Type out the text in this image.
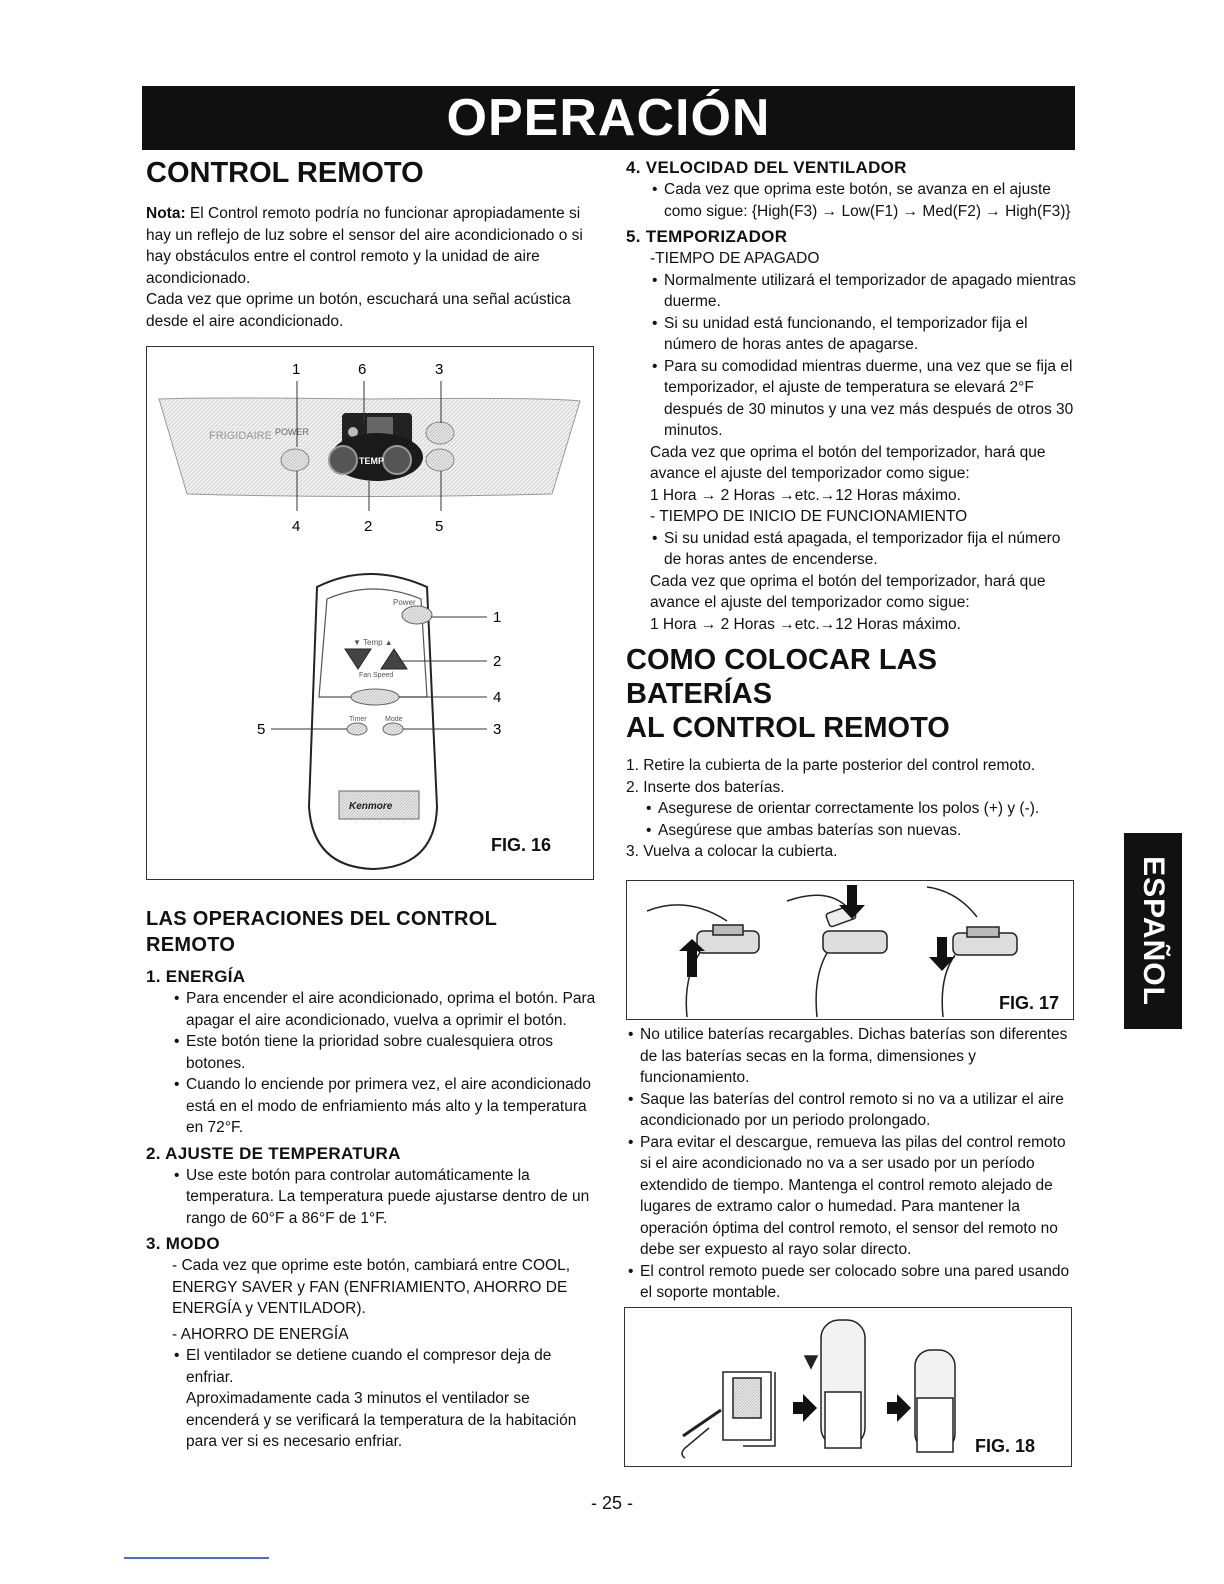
OPERACIÓN
ESPAÑOL
CONTROL REMOTO

Nota: El Control remoto podría no funcionar apropiadamente si hay un reflejo de luz sobre el sensor del aire acondicionado o si hay obstáculos entre el control remoto y la unidad de aire acondicionado.

Cada vez que oprime un botón, escuchará una señal acústica desde el aire acondicionado.

FRIGIDAIRE POWER
TEMP
1	6	3
4	2	5
Kenmore
Power
▼ Temp ▲
Fan Speed
Timer	Mode
1
2
4
3
5
FIG. 16
LAS OPERACIONES DEL CONTROL REMOTO
1. ENERGÍA

• Para encender el aire acondicionado, oprima el botón. Para apagar el aire acondicionado, vuelva a oprimir el botón.

• Este botón tiene la prioridad sobre cualesquiera otros botones.

• Cuando lo enciende por primera vez, el aire acondicionado está en el modo de enfriamiento más alto y la temperatura en 72°F.

2. AJUSTE DE TEMPERATURA

• Use este botón para controlar automáticamente la temperatura. La temperatura puede ajustarse dentro de un rango de 60°F a 86°F de 1°F.

3. MODO

- Cada vez que oprime este botón, cambiará entre COOL, ENERGY SAVER y FAN (ENFRIAMIENTO, AHORRO DE ENERGÍA y VENTILADOR).

- AHORRO DE ENERGÍA

• El ventilador se detiene cuando el compresor deja de enfriar.

Aproximadamente cada 3 minutos el ventilador se encenderá y se verificará la temperatura de la habitación para ver si es necesario enfriar.

4. VELOCIDAD DEL VENTILADOR

• Cada vez que oprima este botón, se avanza en el ajuste como sigue: {High(F3) → Low(F1) → Med(F2) → High(F3)}

5. TEMPORIZADOR

-TIEMPO DE APAGADO

• Normalmente utilizará el temporizador de apagado mientras duerme.

• Si su unidad está funcionando, el temporizador fija el número de horas antes de apagarse.

• Para su comodidad mientras duerme, una vez que se fija el temporizador, el ajuste de temperatura se elevará 2°F después de 30 minutos y una vez más después de otros 30 minutos.

Cada vez que oprima el botón del temporizador, hará que avance el ajuste del temporizador como sigue:

1 Hora → 2 Horas →etc.→12 Horas máximo.

- TIEMPO DE INICIO DE FUNCIONAMIENTO

• Si su unidad está apagada, el temporizador fija el número de horas antes de encenderse.

Cada vez que oprima el botón del temporizador, hará que avance el ajuste del temporizador como sigue:

1 Hora → 2 Horas →etc.→12 Horas máximo.

COMO COLOCAR LAS BATERÍAS
AL CONTROL REMOTO

1. Retire la cubierta de la parte posterior del control remoto.

2. Inserte dos baterías.

• Asegurese de orientar correctamente los polos (+) y (-).

• Asegúrese que ambas baterías son nuevas.

3. Vuelva a colocar la cubierta.

FIG. 17

• No utilice baterías recargables. Dichas baterías son diferentes de las baterías secas en la forma, dimensiones y funcionamiento.

• Saque las baterías del control remoto si no va a utilizar el aire acondicionado por un periodo prolongado.

• Para evitar el descargue, remueva las pilas del control remoto si el aire acondicionado no va a ser usado por un período extendido de tiempo. Mantenga el control remoto alejado de lugares de extramo calor o humedad. Para mantener la operación óptima del control remoto, el sensor del remoto no debe ser expuesto al rayo solar directo.

• El control remoto puede ser colocado sobre una pared usando el soporte montable.

FIG. 18
- 25 -
